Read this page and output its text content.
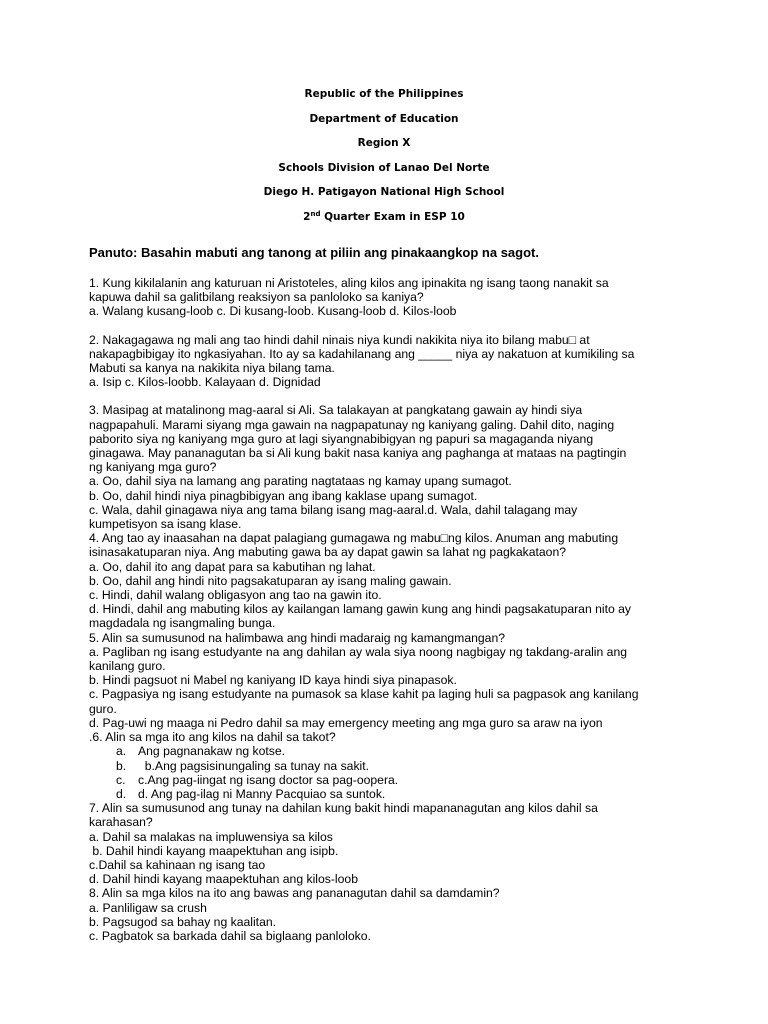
Republic of the Philippines
Department of Education
Region X
Schools Division of Lanao Del Norte
Diego H. Patigayon National High School
2nd Quarter Exam in ESP 10
Panuto: Basahin mabuti ang tanong at piliin ang pinakaangkop na sagot.
1. Kung kikilalanin ang katuruan ni Aristoteles, aling kilos ang ipinakita ng isang taong nanakit sa
kapuwa dahil sa galitbilang reaksiyon sa panloloko sa kaniya?
a. Walang kusang-loob c. Di kusang-loob. Kusang-loob d. Kilos-loob
2. Nakagagawa ng mali ang tao hindi dahil ninais niya kundi nakikita niya ito bilang mabu□ at
nakapagbibigay ito ngkasiyahan. Ito ay sa kadahilanang ang _____ niya ay nakatuon at kumikiling sa
Mabuti sa kanya na nakikita niya bilang tama.
a. Isip c. Kilos-loobb. Kalayaan d. Dignidad
3. Masipag at matalinong mag-aaral si Ali. Sa talakayan at pangkatang gawain ay hindi siya
nagpapahuli. Marami siyang mga gawain na nagpapatunay ng kaniyang galing. Dahil dito, naging
paborito siya ng kaniyang mga guro at lagi siyangnabibigyan ng papuri sa magaganda niyang
ginagawa. May pananagutan ba si Ali kung bakit nasa kaniya ang paghanga at mataas na pagtingin
ng kaniyang mga guro?
a. Oo, dahil siya na lamang ang parating nagtataas ng kamay upang sumagot.
b. Oo, dahil hindi niya pinagbibigyan ang ibang kaklase upang sumagot.
c. Wala, dahil ginagawa niya ang tama bilang isang mag-aaral.d. Wala, dahil talagang may
kumpetisyon sa isang klase.
4. Ang tao ay inaasahan na dapat palagiang gumagawa ng mabu□ng kilos. Anuman ang mabuting
isinasakatuparan niya. Ang mabuting gawa ba ay dapat gawin sa lahat ng pagkakataon?
a. Oo, dahil ito ang dapat para sa kabutihan ng lahat.
b. Oo, dahil ang hindi nito pagsakatuparan ay isang maling gawain.
c. Hindi, dahil walang obligasyon ang tao na gawin ito.
d. Hindi, dahil ang mabuting kilos ay kailangan lamang gawin kung ang hindi pagsakatuparan nito ay
magdadala ng isangmaling bunga.
5. Alin sa sumusunod na halimbawa ang hindi madaraig ng kamangmangan?
a. Pagliban ng isang estudyante na ang dahilan ay wala siya noong nagbigay ng takdang-aralin ang
kanilang guro.
b. Hindi pagsuot ni Mabel ng kaniyang ID kaya hindi siya pinapasok.
c. Pagpasiya ng isang estudyante na pumasok sa klase kahit pa laging huli sa pagpasok ang kanilang
guro.
d. Pag-uwi ng maaga ni Pedro dahil sa may emergency meeting ang mga guro sa araw na iyon
.6. Alin sa mga ito ang kilos na dahil sa takot?
a. Ang pagnanakaw ng kotse.
b. b.Ang pagsisinungaling sa tunay na sakit.
c. c.Ang pag-iingat ng isang doctor sa pag-oopera.
d. d. Ang pag-ilag ni Manny Pacquiao sa suntok.
7. Alin sa sumusunod ang tunay na dahilan kung bakit hindi mapananagutan ang kilos dahil sa
karahasan?
a. Dahil sa malakas na impluwensiya sa kilos
b. Dahil hindi kayang maapektuhan ang isipb.
c.Dahil sa kahinaan ng isang tao
d. Dahil hindi kayang maapektuhan ang kilos-loob
8. Alin sa mga kilos na ito ang bawas ang pananagutan dahil sa damdamin?
a. Panliligaw sa crush
b. Pagsugod sa bahay ng kaalitan.
c. Pagbatok sa barkada dahil sa biglaang panloloko.
